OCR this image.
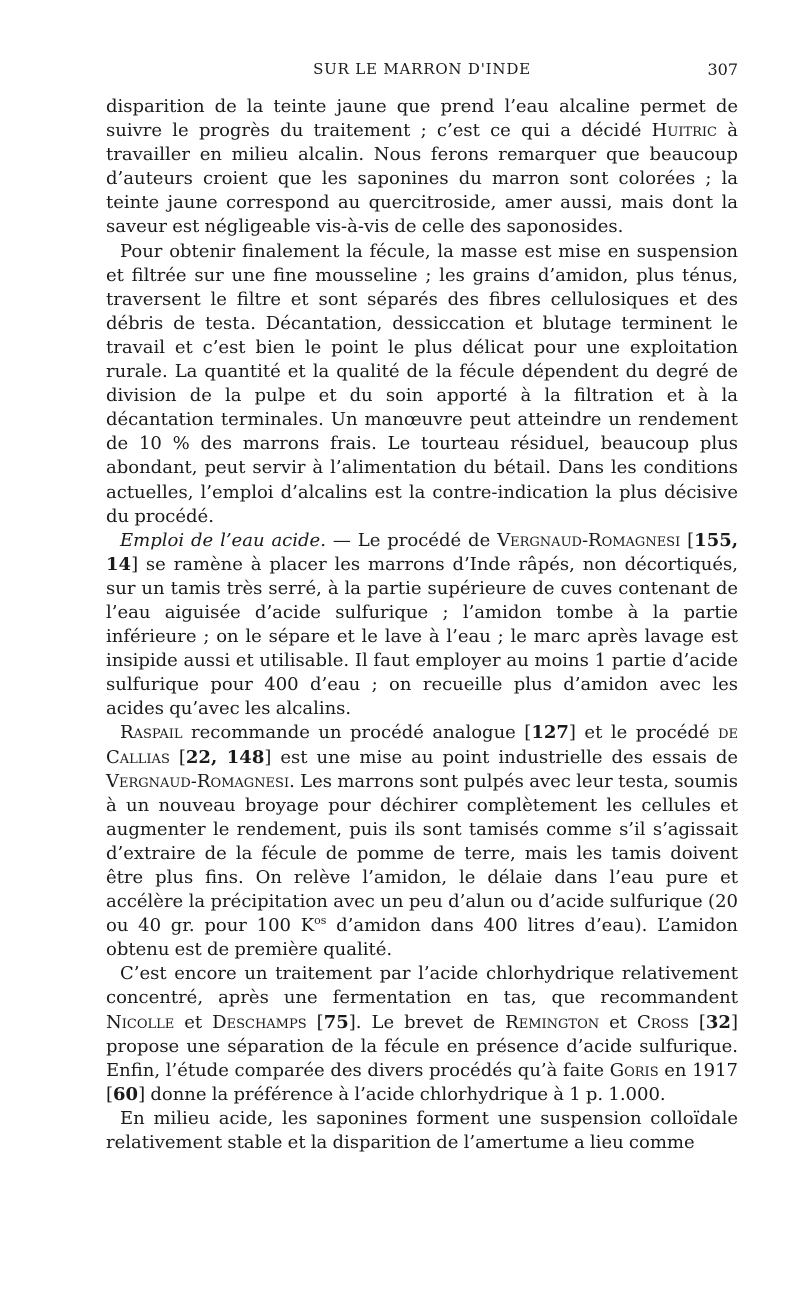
SUR LE MARRON D'INDE	307

disparition de la teinte jaune que prend l’eau alcaline permet de suivre le progrès du traitement ; c’est ce qui a décidé Huitric à travailler en milieu alcalin. Nous ferons remarquer que beaucoup d’auteurs croient que les saponines du marron sont colorées ; la teinte jaune correspond au quercitroside, amer aussi, mais dont la saveur est négligeable vis-à-vis de celle des saponosides.

Pour obtenir finalement la fécule, la masse est mise en suspension et filtrée sur une fine mousseline ; les grains d’amidon, plus ténus, traversent le filtre et sont séparés des fibres cellulosiques et des débris de testa. Décantation, dessiccation et blutage terminent le travail et c’est bien le point le plus délicat pour une exploitation rurale. La quantité et la qualité de la fécule dépendent du degré de division de la pulpe et du soin apporté à la filtration et à la décantation terminales. Un manœuvre peut atteindre un rendement de 10 % des marrons frais. Le tourteau résiduel, beaucoup plus abondant, peut servir à l’alimentation du bétail. Dans les conditions actuelles, l’emploi d’alcalins est la contre-indication la plus décisive du procédé.

Emploi de l’eau acide. — Le procédé de Vergnaud-Romagnesi [155, 14] se ramène à placer les marrons d’Inde râpés, non décortiqués, sur un tamis très serré, à la partie supérieure de cuves contenant de l’eau aiguisée d’acide sulfurique ; l’amidon tombe à la partie inférieure ; on le sépare et le lave à l’eau ; le marc après lavage est insipide aussi et utilisable. Il faut employer au moins 1 partie d’acide sulfurique pour 400 d’eau ; on recueille plus d’amidon avec les acides qu’avec les alcalins.

Raspail recommande un procédé analogue [127] et le procédé de Callias [22, 148] est une mise au point industrielle des essais de Vergnaud-Romagnesi. Les marrons sont pulpés avec leur testa, soumis à un nouveau broyage pour déchirer complètement les cellules et augmenter le rendement, puis ils sont tamisés comme s’il s’agissait d’extraire de la fécule de pomme de terre, mais les tamis doivent être plus fins. On relève l’amidon, le délaie dans l’eau pure et accélère la précipitation avec un peu d’alun ou d’acide sulfurique (20 ou 40 gr. pour 100 $K^{os}$ d’amidon dans 400 litres d’eau). L’amidon obtenu est de première qualité.

C’est encore un traitement par l’acide chlorhydrique relativement concentré, après une fermentation en tas, que recommandent Nicolle et Deschamps [75]. Le brevet de Remington et Cross [32] propose une séparation de la fécule en présence d’acide sulfurique. Enfin, l’étude comparée des divers procédés qu’à faite Goris en 1917 [60] donne la préférence à l’acide chlorhydrique à 1 p. 1.000.

En milieu acide, les saponines forment une suspension colloïdale relativement stable et la disparition de l’amertume a lieu comme
